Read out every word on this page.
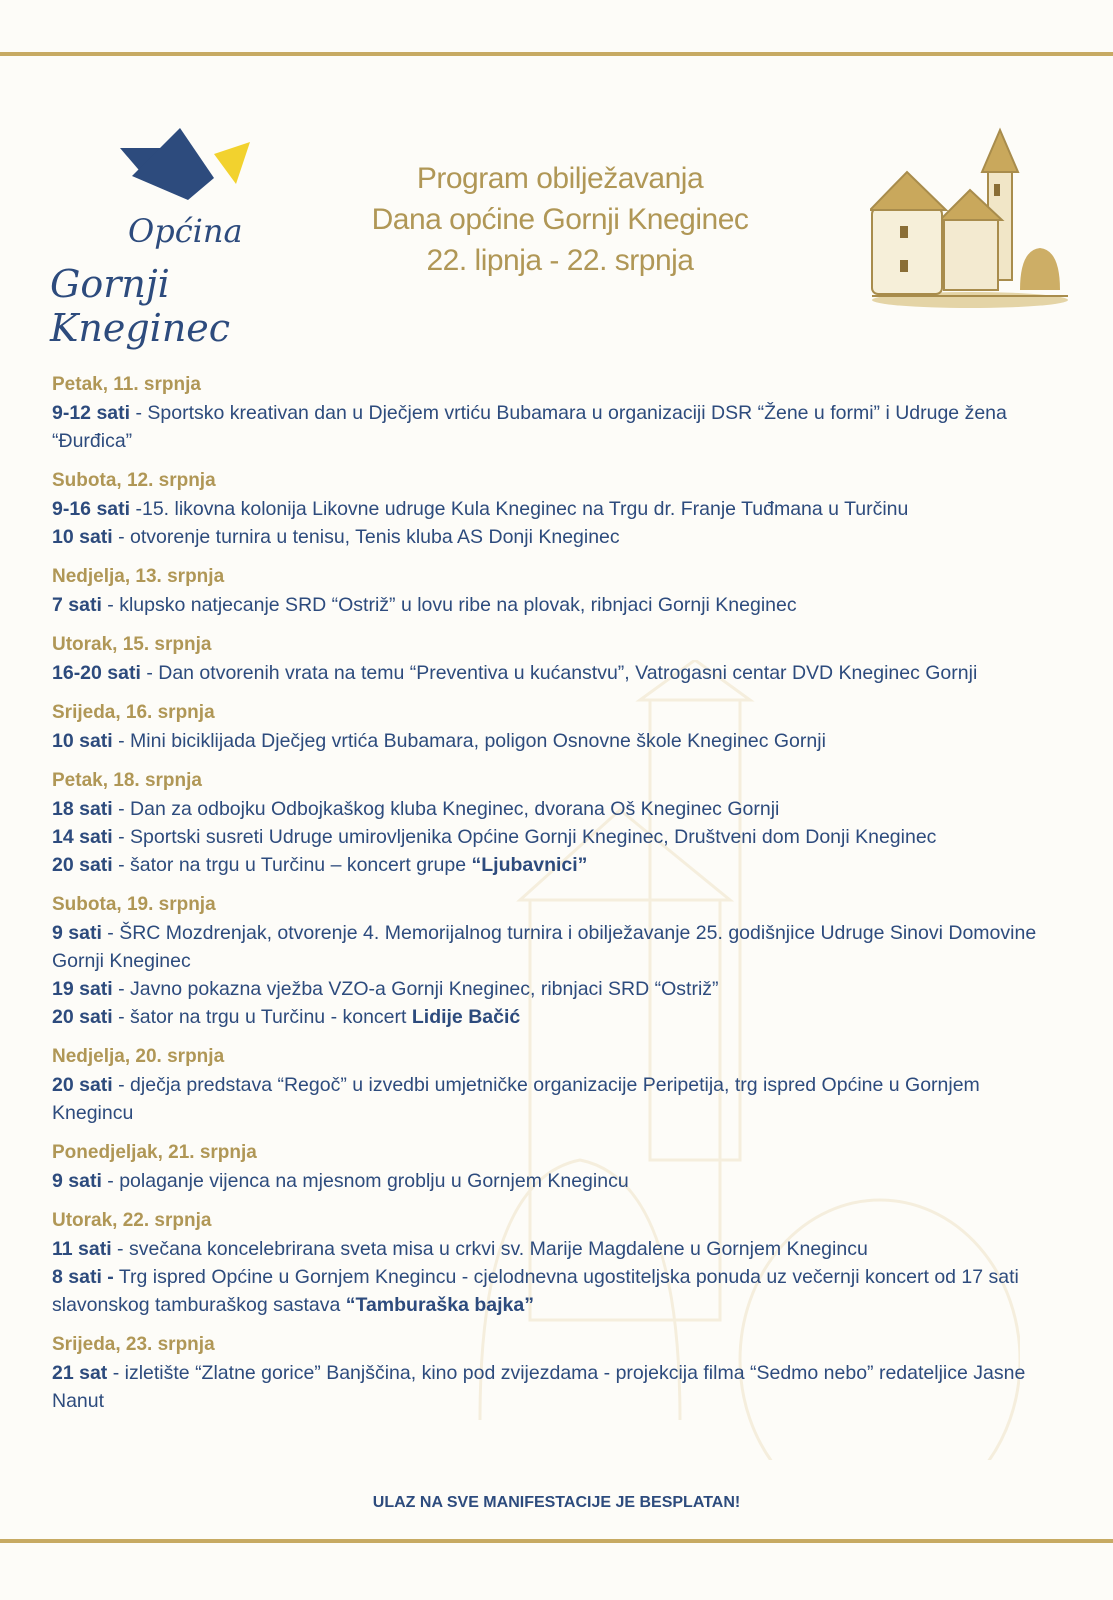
Općina
Gornji Kneginec
Program obilježavanja
Dana općine Gornji Kneginec
22. lipnja - 22. srpnja
Petak, 11. srpnja
9-12 sati - Sportsko kreativan dan u Dječjem vrtiću Bubamara u organizaciji DSR “Žene u formi” i Udruge žena “Đurđica”
Subota, 12. srpnja
9-16 sati -15. likovna kolonija Likovne udruge Kula Kneginec na Trgu dr. Franje Tuđmana u Turčinu
10 sati - otvorenje turnira u tenisu, Tenis kluba AS Donji Kneginec
Nedjelja, 13. srpnja
7 sati - klupsko natjecanje SRD “Ostriž” u lovu ribe na plovak, ribnjaci Gornji Kneginec
Utorak, 15. srpnja
16-20 sati - Dan otvorenih vrata na temu “Preventiva u kućanstvu”, Vatrogasni centar DVD Kneginec Gornji
Srijeda, 16. srpnja
10 sati - Mini biciklijada Dječjeg vrtića Bubamara, poligon Osnovne škole Kneginec Gornji
Petak, 18. srpnja
18 sati - Dan za odbojku Odbojkaškog kluba Kneginec, dvorana Oš Kneginec Gornji
14 sati - Sportski susreti Udruge umirovljenika Općine Gornji Kneginec, Društveni dom Donji Kneginec
20 sati - šator na trgu u Turčinu – koncert grupe “Ljubavnici”
Subota, 19. srpnja
9 sati - ŠRC Mozdrenjak, otvorenje 4. Memorijalnog turnira i obilježavanje 25. godišnjice Udruge Sinovi Domovine Gornji Kneginec
19 sati - Javno pokazna vježba VZO-a Gornji Kneginec, ribnjaci SRD “Ostriž”
20 sati - šator na trgu u Turčinu - koncert Lidije Bačić
Nedjelja, 20. srpnja
20 sati - dječja predstava “Regoč” u izvedbi umjetničke organizacije Peripetija, trg ispred Općine u Gornjem Knegincu
Ponedjeljak, 21. srpnja
9 sati - polaganje vijenca na mjesnom groblju u Gornjem Knegincu
Utorak, 22. srpnja
11 sati - svečana koncelebrirana sveta misa u crkvi sv. Marije Magdalene u Gornjem Knegincu
8 sati - Trg ispred Općine u Gornjem Knegincu - cjelodnevna ugostiteljska ponuda uz večernji koncert od 17 sati slavonskog tamburaškog sastava “Tamburaška bajka”
Srijeda, 23. srpnja
21 sat - izletište “Zlatne gorice” Banjščina, kino pod zvijezdama - projekcija filma “Sedmo nebo” redateljice Jasne Nanut
ULAZ NA SVE MANIFESTACIJE JE BESPLATAN!
